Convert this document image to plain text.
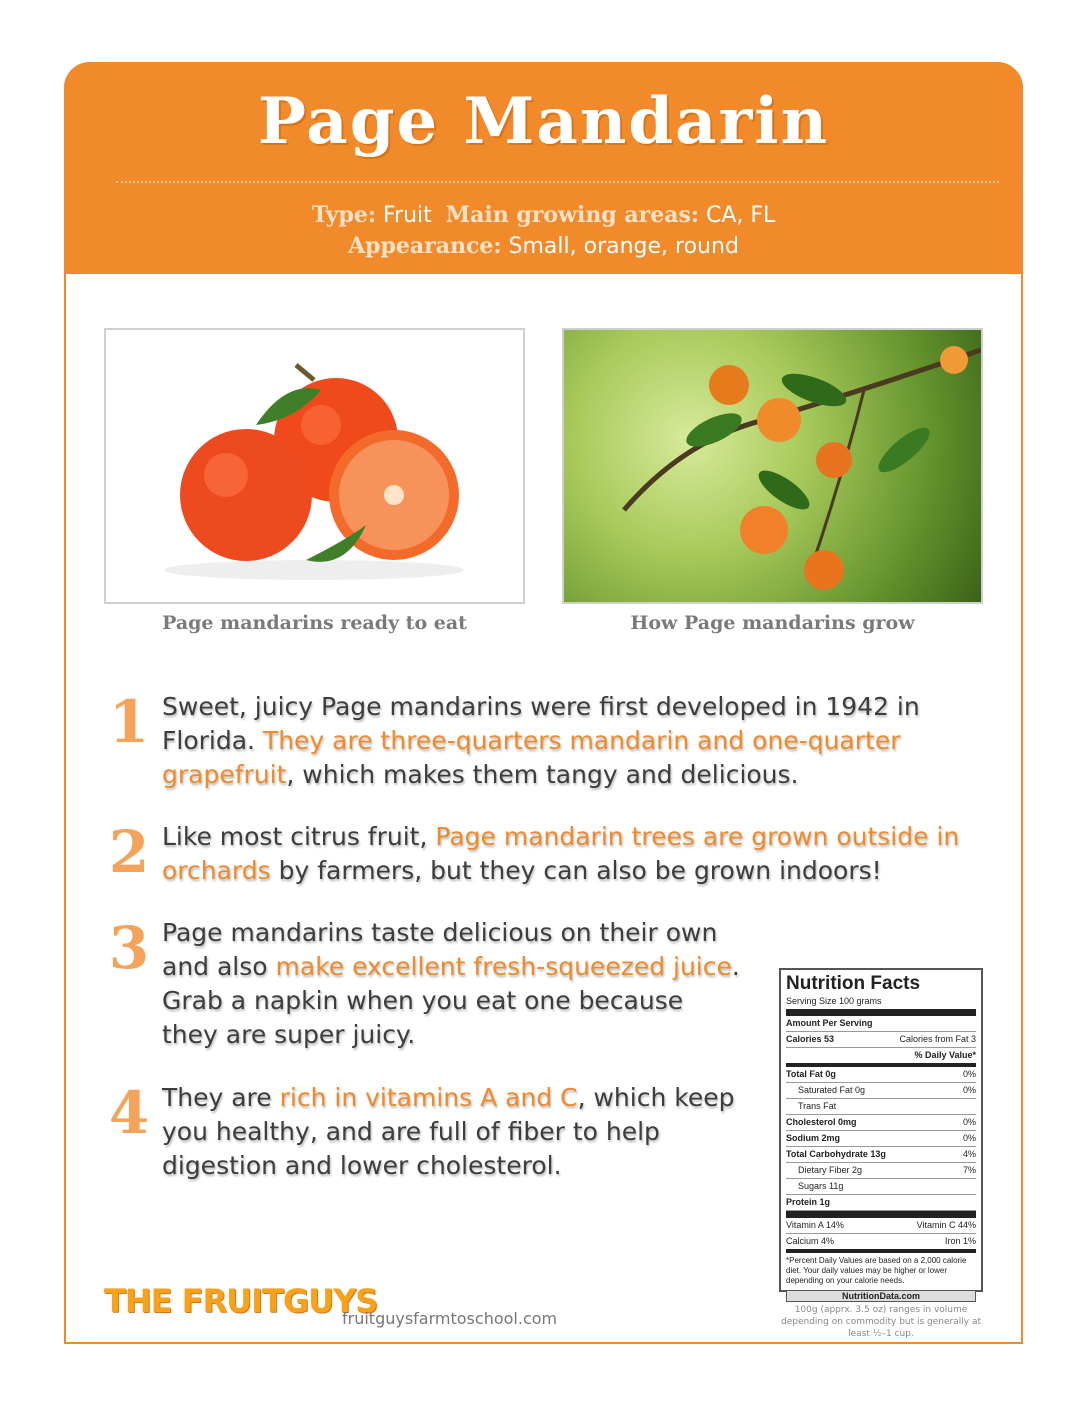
Page Mandarin
Type: Fruit Main growing areas: CA, FL
Appearance: Small, orange, round
Page mandarins ready to eat	How Page mandarins grow
1 Sweet, juicy Page mandarins were first developed in 1942 in Florida. They are three-quarters mandarin and one-quarter grapefruit, which makes them tangy and delicious.
2 Like most citrus fruit, Page mandarin trees are grown outside in orchards by farmers, but they can also be grown indoors!
3 Page mandarins taste delicious on their own and also make excellent fresh-squeezed juice. Grab a napkin when you eat one because they are super juicy.
4 They are rich in vitamins A and C, which keep you healthy, and are full of fiber to help digestion and lower cholesterol.
Nutrition Facts
Serving Size 100 grams
Amount Per Serving
Calories 53	Calories from Fat 3
% Daily Value*
Total Fat 0g	0%
Saturated Fat 0g	0%
Trans Fat
Cholesterol 0mg	0%
Sodium 2mg	0%
Total Carbohydrate 13g	4%
Dietary Fiber 2g	7%
Sugars 11g
Protein 1g
Vitamin A 14%	Vitamin C 44%
Calcium 4%	Iron 1%
*Percent Daily Values are based on a 2,000 calorie diet. Your daily values may be higher or lower depending on your calorie needs.
NutritionData.com
100g (apprx. 3.5 oz) ranges in volume depending on commodity but is generally at least ½–1 cup.
THE FRUITGUYS
fruitguysfarmtoschool.com
